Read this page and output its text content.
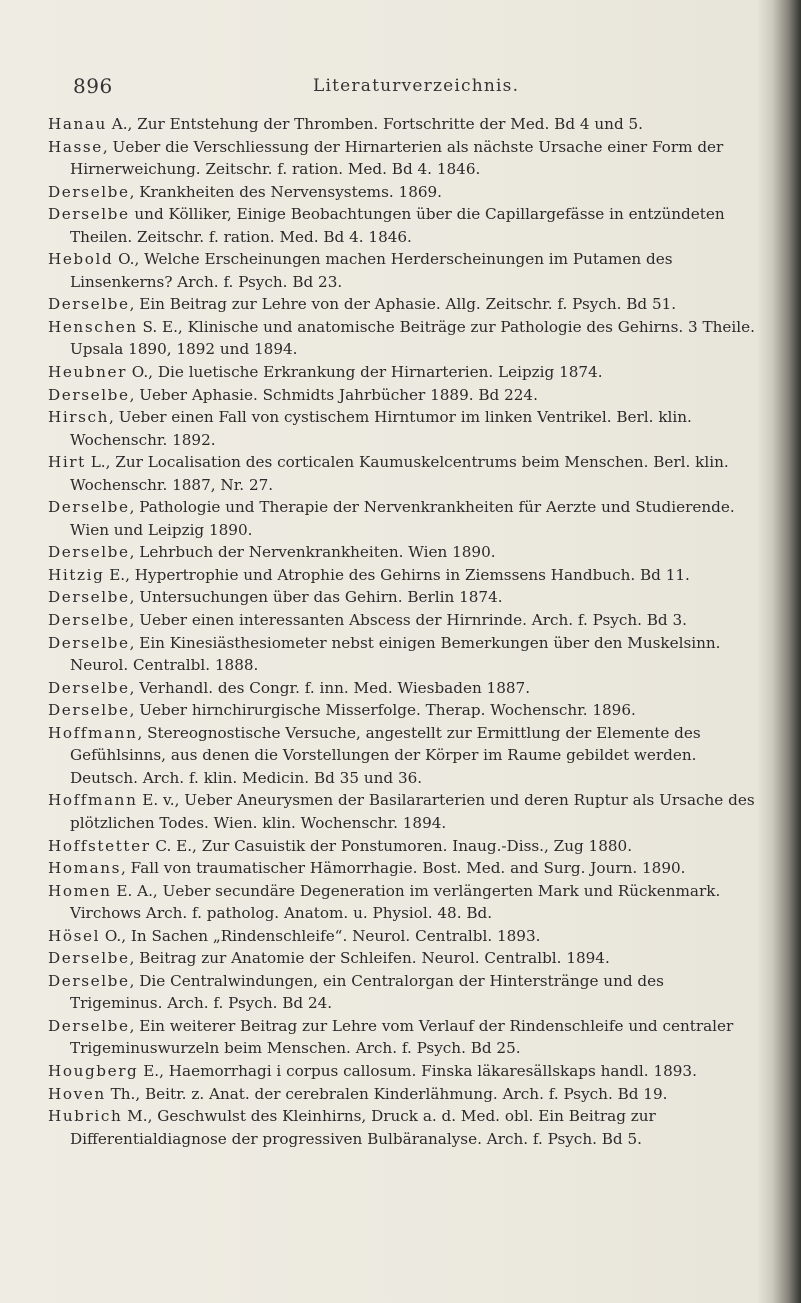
896	Literaturverzeichnis.

Hanau A., Zur Entstehung der Thromben. Fortschritte der Med. Bd 4 und 5.

Hasse, Ueber die Verschliessung der Hirnarterien als nächste Ursache einer Form der Hirnerweichung. Zeitschr. f. ration. Med. Bd 4. 1846.

Derselbe, Krankheiten des Nervensystems. 1869.

Derselbe und Kölliker, Einige Beobachtungen über die Capillargefässe in entzündeten Theilen. Zeitschr. f. ration. Med. Bd 4. 1846.

Hebold O., Welche Erscheinungen machen Herderscheinungen im Putamen des Linsenkerns? Arch. f. Psych. Bd 23.

Derselbe, Ein Beitrag zur Lehre von der Aphasie. Allg. Zeitschr. f. Psych. Bd 51.

Henschen S. E., Klinische und anatomische Beiträge zur Pathologie des Gehirns. 3 Theile. Upsala 1890, 1892 und 1894.

Heubner O., Die luetische Erkrankung der Hirnarterien. Leipzig 1874.

Derselbe, Ueber Aphasie. Schmidts Jahrbücher 1889. Bd 224.

Hirsch, Ueber einen Fall von cystischem Hirntumor im linken Ventrikel. Berl. klin. Wochenschr. 1892.

Hirt L., Zur Localisation des corticalen Kaumuskelcentrums beim Menschen. Berl. klin. Wochenschr. 1887, Nr. 27.

Derselbe, Pathologie und Therapie der Nervenkrankheiten für Aerzte und Studierende. Wien und Leipzig 1890.

Derselbe, Lehrbuch der Nervenkrankheiten. Wien 1890.

Hitzig E., Hypertrophie und Atrophie des Gehirns in Ziemssens Handbuch. Bd 11.

Derselbe, Untersuchungen über das Gehirn. Berlin 1874.

Derselbe, Ueber einen interessanten Abscess der Hirnrinde. Arch. f. Psych. Bd 3.

Derselbe, Ein Kinesiästhesiometer nebst einigen Bemerkungen über den Muskelsinn. Neurol. Centralbl. 1888.

Derselbe, Verhandl. des Congr. f. inn. Med. Wiesbaden 1887.

Derselbe, Ueber hirnchirurgische Misserfolge. Therap. Wochenschr. 1896.

Hoffmann, Stereognostische Versuche, angestellt zur Ermittlung der Elemente des Gefühlsinns, aus denen die Vorstellungen der Körper im Raume gebildet werden. Deutsch. Arch. f. klin. Medicin. Bd 35 und 36.

Hoffmann E. v., Ueber Aneurysmen der Basilararterien und deren Ruptur als Ursache des plötzlichen Todes. Wien. klin. Wochenschr. 1894.

Hoffstetter C. E., Zur Casuistik der Ponstumoren. Inaug.-Diss., Zug 1880.

Homans, Fall von traumatischer Hämorrhagie. Bost. Med. and Surg. Journ. 1890.

Homen E. A., Ueber secundäre Degeneration im verlängerten Mark und Rückenmark. Virchows Arch. f. patholog. Anatom. u. Physiol. 48. Bd.

Hösel O., In Sachen „Rindenschleife“. Neurol. Centralbl. 1893.

Derselbe, Beitrag zur Anatomie der Schleifen. Neurol. Centralbl. 1894.

Derselbe, Die Centralwindungen, ein Centralorgan der Hinterstränge und des Trigeminus. Arch. f. Psych. Bd 24.

Derselbe, Ein weiterer Beitrag zur Lehre vom Verlauf der Rindenschleife und centraler Trigeminuswurzeln beim Menschen. Arch. f. Psych. Bd 25.

Hougberg E., Haemorrhagi i corpus callosum. Finska läkaresällskaps handl. 1893.

Hoven Th., Beitr. z. Anat. der cerebralen Kinderlähmung. Arch. f. Psych. Bd 19.

Hubrich M., Geschwulst des Kleinhirns, Druck a. d. Med. obl. Ein Beitrag zur Differentialdiagnose der progressiven Bulbäranalyse. Arch. f. Psych. Bd 5.
